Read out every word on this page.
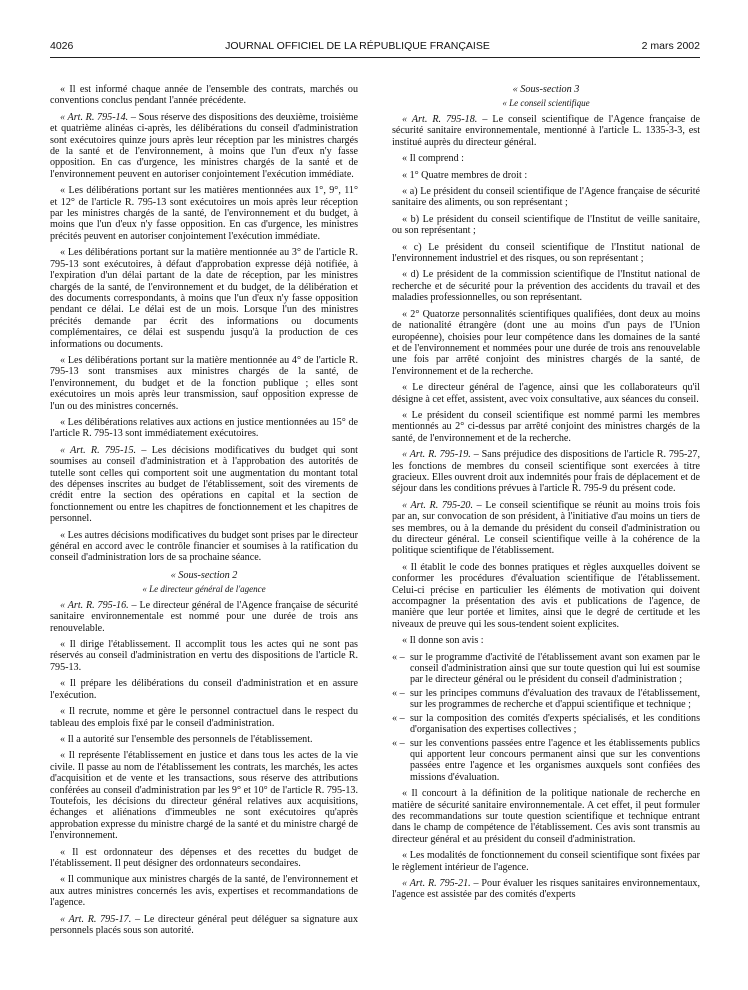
4026	JOURNAL OFFICIEL DE LA RÉPUBLIQUE FRANÇAISE	2 mars 2002

« Il est informé chaque année de l'ensemble des contrats, marchés ou conventions conclus pendant l'année précédente.

« Art. R. 795-14. – Sous réserve des dispositions des deuxième, troisième et quatrième alinéas ci-après, les délibérations du conseil d'administration sont exécutoires quinze jours après leur réception par les ministres chargés de la santé et de l'environnement, à moins que l'un d'eux n'y fasse opposition. En cas d'urgence, les ministres chargés de la santé et de l'environnement peuvent en autoriser conjointement l'exécution immédiate.

« Les délibérations portant sur les matières mentionnées aux 1°, 9°, 11° et 12° de l'article R. 795-13 sont exécutoires un mois après leur réception par les ministres chargés de la santé, de l'environnement et du budget, à moins que l'un d'eux n'y fasse opposition. En cas d'urgence, les ministres précités peuvent en autoriser conjointement l'exécution immédiate.

« Les délibérations portant sur la matière mentionnée au 3° de l'article R. 795-13 sont exécutoires, à défaut d'approbation expresse déjà notifiée, à l'expiration d'un délai partant de la date de réception, par les ministres chargés de la santé, de l'environnement et du budget, de la délibération et des documents correspondants, à moins que l'un d'eux n'y fasse opposition pendant ce délai. Le délai est de un mois. Lorsque l'un des ministres précités demande par écrit des informations ou documents complémentaires, ce délai est suspendu jusqu'à la production de ces informations ou documents.

« Les délibérations portant sur la matière mentionnée au 4° de l'article R. 795-13 sont transmises aux ministres chargés de la santé, de l'environnement, du budget et de la fonction publique ; elles sont exécutoires un mois après leur transmission, sauf opposition expresse de l'un ou des ministres concernés.

« Les délibérations relatives aux actions en justice mentionnées au 15° de l'article R. 795-13 sont immédiatement exécutoires.

« Art. R. 795-15. – Les décisions modificatives du budget qui sont soumises au conseil d'administration et à l'approbation des autorités de tutelle sont celles qui comportent soit une augmentation du montant total des dépenses inscrites au budget de l'établissement, soit des virements de crédit entre la section des opérations en capital et la section de fonctionnement ou entre les chapitres de fonctionnement et les chapitres de personnel.

« Les autres décisions modificatives du budget sont prises par le directeur général en accord avec le contrôle financier et soumises à la ratification du conseil d'administration lors de sa prochaine séance.

« Sous-section 2
« Le directeur général de l'agence

« Art. R. 795-16. – Le directeur général de l'Agence française de sécurité sanitaire environnementale est nommé pour une durée de trois ans renouvelable.

« Il dirige l'établissement. Il accomplit tous les actes qui ne sont pas réservés au conseil d'administration en vertu des dispositions de l'article R. 795-13.

« Il prépare les délibérations du conseil d'administration et en assure l'exécution.

« Il recrute, nomme et gère le personnel contractuel dans le respect du tableau des emplois fixé par le conseil d'administration.

« Il a autorité sur l'ensemble des personnels de l'établissement.

« Il représente l'établissement en justice et dans tous les actes de la vie civile. Il passe au nom de l'établissement les contrats, les marchés, les actes d'acquisition et de vente et les transactions, sous réserve des attributions conférées au conseil d'administration par les 9° et 10° de l'article R. 795-13. Toutefois, les décisions du directeur général relatives aux acquisitions, échanges et aliénations d'immeubles ne sont exécutoires qu'après approbation expresse du ministre chargé de la santé et du ministre chargé de l'environnement.

« Il est ordonnateur des dépenses et des recettes du budget de l'établissement. Il peut désigner des ordonnateurs secondaires.

« Il communique aux ministres chargés de la santé, de l'environnement et aux autres ministres concernés les avis, expertises et recommandations de l'agence.

« Art. R. 795-17. – Le directeur général peut déléguer sa signature aux personnels placés sous son autorité.

« Sous-section 3
« Le conseil scientifique

« Art. R. 795-18. – Le conseil scientifique de l'Agence française de sécurité sanitaire environnementale, mentionné à l'article L. 1335-3-3, est institué auprès du directeur général.

« Il comprend :

« 1° Quatre membres de droit :

« a) Le président du conseil scientifique de l'Agence française de sécurité sanitaire des aliments, ou son représentant ;

« b) Le président du conseil scientifique de l'Institut de veille sanitaire, ou son représentant ;

« c) Le président du conseil scientifique de l'Institut national de l'environnement industriel et des risques, ou son représentant ;

« d) Le président de la commission scientifique de l'Institut national de recherche et de sécurité pour la prévention des accidents du travail et des maladies professionnelles, ou son représentant.

« 2° Quatorze personnalités scientifiques qualifiées, dont deux au moins de nationalité étrangère (dont une au moins d'un pays de l'Union européenne), choisies pour leur compétence dans les domaines de la santé et de l'environnement et nommées pour une durée de trois ans renouvelable une fois par arrêté conjoint des ministres chargés de la santé, de l'environnement et de la recherche.

« Le directeur général de l'agence, ainsi que les collaborateurs qu'il désigne à cet effet, assistent, avec voix consultative, aux séances du conseil.

« Le président du conseil scientifique est nommé parmi les membres mentionnés au 2° ci-dessus par arrêté conjoint des ministres chargés de la santé, de l'environnement et de la recherche.

« Art. R. 795-19. – Sans préjudice des dispositions de l'article R. 795-27, les fonctions de membres du conseil scientifique sont exercées à titre gracieux. Elles ouvrent droit aux indemnités pour frais de déplacement et de séjour dans les conditions prévues à l'article R. 795-9 du présent code.

« Art. R. 795-20. – Le conseil scientifique se réunit au moins trois fois par an, sur convocation de son président, à l'initiative d'au moins un tiers de ses membres, ou à la demande du président du conseil d'administration ou du directeur général. Le conseil scientifique veille à la cohérence de la politique scientifique de l'établissement.

« Il établit le code des bonnes pratiques et règles auxquelles doivent se conformer les procédures d'évaluation scientifique de l'établissement. Celui-ci précise en particulier les éléments de motivation qui doivent accompagner la présentation des avis et publications de l'agence, de manière que leur portée et limites, ainsi que le degré de certitude et les niveaux de preuve qui les sous-tendent soient explicites.

« Il donne son avis :

« – sur le programme d'activité de l'établissement avant son examen par le conseil d'administration ainsi que sur toute question qui lui est soumise par le directeur général ou le président du conseil d'administration ;
« – sur les principes communs d'évaluation des travaux de l'établissement, sur les programmes de recherche et d'appui scientifique et technique ;
« – sur la composition des comités d'experts spécialisés, et les conditions d'organisation des expertises collectives ;
« – sur les conventions passées entre l'agence et les établissements publics qui apportent leur concours permanent ainsi que sur les conventions passées entre l'agence et les organismes auxquels sont confiées des missions d'évaluation.

« Il concourt à la définition de la politique nationale de recherche en matière de sécurité sanitaire environnementale. A cet effet, il peut formuler des recommandations sur toute question scientifique et technique entrant dans le champ de compétence de l'établissement. Ces avis sont transmis au directeur général et au président du conseil d'administration.

« Les modalités de fonctionnement du conseil scientifique sont fixées par le règlement intérieur de l'agence.

« Art. R. 795-21. – Pour évaluer les risques sanitaires environnementaux, l'agence est assistée par des comités d'experts
